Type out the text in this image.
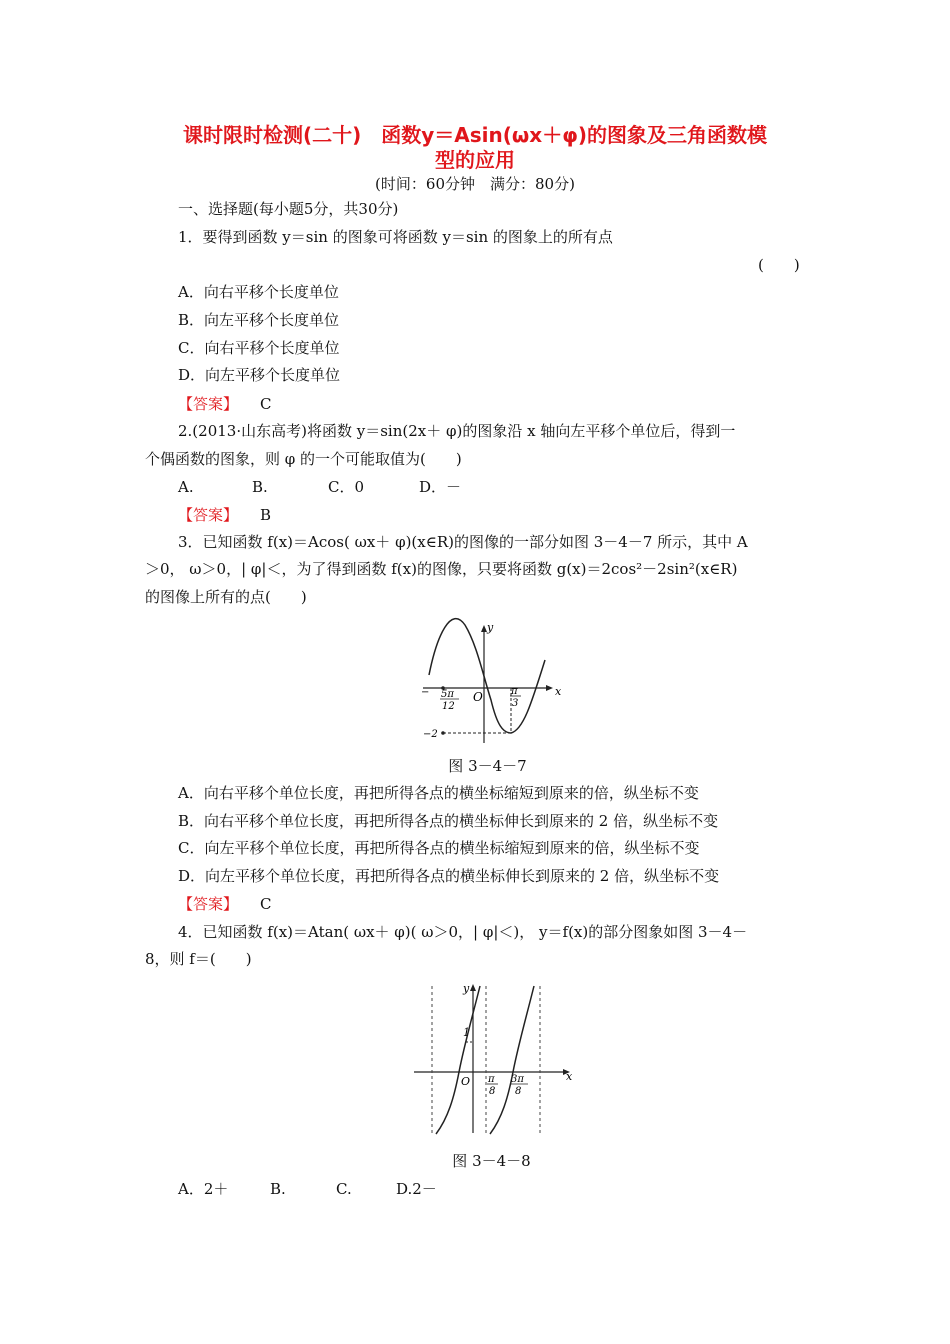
课时限时检测(二十)　函数y＝Asin(ωx＋φ)的图象及三角函数模
型的应用
(时间：60分钟　满分：80分)
一、选择题(每小题5分，共30分)
1．要得到函数 y＝sin 的图象可将函数 y＝sin 的图象上的所有点
(　　)
A．向右平移个长度单位
B．向左平移个长度单位
C．向右平移个长度单位
D．向左平移个长度单位
【答案】 C
2.(2013·山东高考)将函数 y＝sin(2x＋ φ)的图象沿 x 轴向左平移个单位后，得到一
个偶函数的图象，则 φ 的一个可能取值为(　　)
A.	B.	C．0	D．－
【答案】 B
3．已知函数 f(x)＝Acos( ωx＋ φ)(x∈R)的图像的一部分如图 3－4－7 所示，其中 A
＞0， ω＞0，| φ|＜，为了得到函数 f(x)的图像，只要将函数 g(x)＝2cos²－2sin²(x∈R)
的图像上所有的点(　　)
− 5π
12
O	π
3
−2
x
y
图 3－4－7
A．向右平移个单位长度，再把所得各点的横坐标缩短到原来的倍，纵坐标不变
B．向右平移个单位长度，再把所得各点的横坐标伸长到原来的 2 倍，纵坐标不变
C．向左平移个单位长度，再把所得各点的横坐标缩短到原来的倍，纵坐标不变
D．向左平移个单位长度，再把所得各点的横坐标伸长到原来的 2 倍，纵坐标不变
【答案】 C
4．已知函数 f(x)＝Atan( ωx＋ φ)( ω＞0，| φ|＜)， y＝f(x)的部分图象如图 3－4－
8，则 f＝(　　)
1
O π
8
3π
8
x
y
图 3－4－8
A．2＋	B.	C.	D.2－
